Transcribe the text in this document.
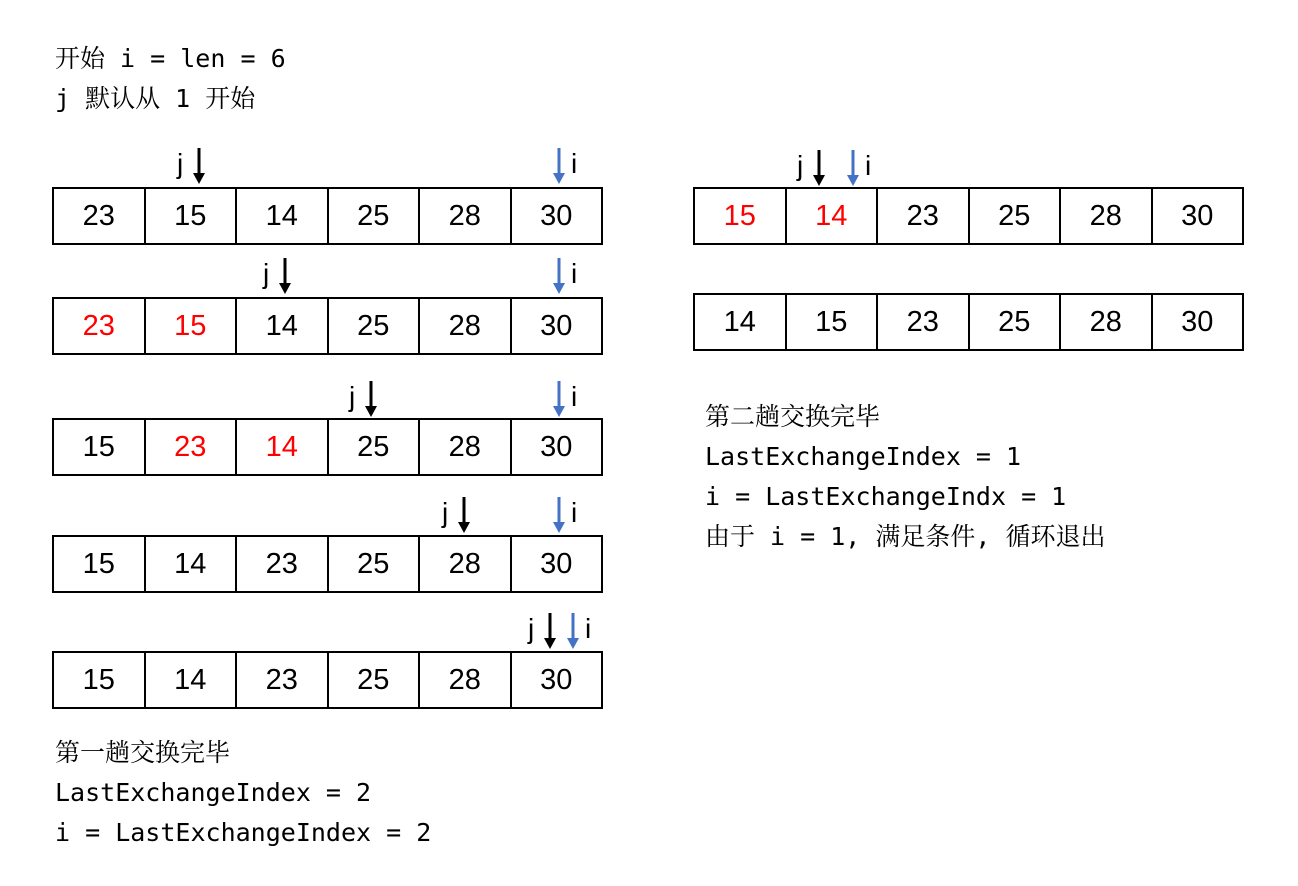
开始 i = len = 6
j 默认从 1 开始
第一趟交换完毕
LastExchangeIndex = 2
i = LastExchangeIndex = 2
第二趟交换完毕
LastExchangeIndex = 1
i = LastExchangeIndx = 1
由于 i = 1, 满足条件, 循环退出
23	15	14	25	28	30
j	i
23	15	14	25	28	30
j	i
15	23	14	25	28	30
j	i
15	14	23	25	28	30
j	i
15	14	23	25	28	30
j i
15	14	23	25	28	30
j i
14	15	23	25	28	30
